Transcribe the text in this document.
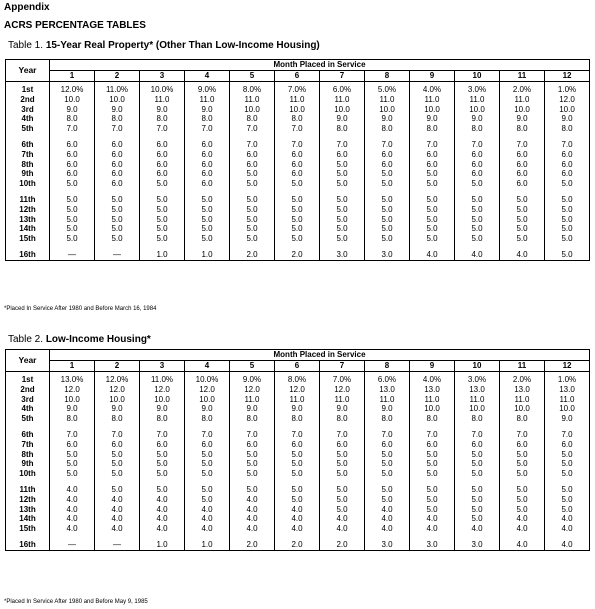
Appendix
ACRS PERCENTAGE TABLES
Table 1. 15-Year Real Property* (Other Than Low-Income Housing)
Year	Month Placed in Service											
	1	2	3	4	5	6	7	8	9	10	11	12

1st	12.0%	11.0%	10.0%	9.0%	8.0%	7.0%	6.0%	5.0%	4.0%	3.0%	2.0%	1.0%
2nd	10.0	10.0	11.0	11.0	11.0	11.0	11.0	11.0	11.0	11.0	11.0	12.0
3rd	9.0	9.0	9.0	9.0	10.0	10.0	10.0	10.0	10.0	10.0	10.0	10.0
4th	8.0	8.0	8.0	8.0	8.0	8.0	9.0	9.0	9.0	9.0	9.0	9.0
5th	7.0	7.0	7.0	7.0	7.0	7.0	8.0	8.0	8.0	8.0	8.0	8.0

6th	6.0	6.0	6.0	6.0	7.0	7.0	7.0	7.0	7.0	7.0	7.0	7.0
7th	6.0	6.0	6.0	6.0	6.0	6.0	6.0	6.0	6.0	6.0	6.0	6.0
8th	6.0	6.0	6.0	6.0	6.0	6.0	5.0	6.0	6.0	6.0	6.0	6.0
9th	6.0	6.0	6.0	6.0	5.0	6.0	5.0	5.0	5.0	6.0	6.0	6.0
10th	5.0	6.0	5.0	6.0	5.0	5.0	5.0	5.0	5.0	5.0	6.0	5.0

11th	5.0	5.0	5.0	5.0	5.0	5.0	5.0	5.0	5.0	5.0	5.0	5.0
12th	5.0	5.0	5.0	5.0	5.0	5.0	5.0	5.0	5.0	5.0	5.0	5.0
13th	5.0	5.0	5.0	5.0	5.0	5.0	5.0	5.0	5.0	5.0	5.0	5.0
14th	5.0	5.0	5.0	5.0	5.0	5.0	5.0	5.0	5.0	5.0	5.0	5.0
15th	5.0	5.0	5.0	5.0	5.0	5.0	5.0	5.0	5.0	5.0	5.0	5.0

16th	—	—	1.0	1.0	2.0	2.0	3.0	3.0	4.0	4.0	4.0	5.0
*Placed In Service After 1980 and Before March 16, 1984
Table 2. Low-Income Housing*
Year	Month Placed in Service											
	1	2	3	4	5	6	7	8	9	10	11	12

1st	13.0%	12.0%	11.0%	10.0%	9.0%	8.0%	7.0%	6.0%	4.0%	3.0%	2.0%	1.0%
2nd	12.0	12.0	12.0	12.0	12.0	12.0	12.0	13.0	13.0	13.0	13.0	13.0
3rd	10.0	10.0	10.0	10.0	11.0	11.0	11.0	11.0	11.0	11.0	11.0	11.0
4th	9.0	9.0	9.0	9.0	9.0	9.0	9.0	9.0	10.0	10.0	10.0	10.0
5th	8.0	8.0	8.0	8.0	8.0	8.0	8.0	8.0	8.0	8.0	8.0	9.0

6th	7.0	7.0	7.0	7.0	7.0	7.0	7.0	7.0	7.0	7.0	7.0	7.0
7th	6.0	6.0	6.0	6.0	6.0	6.0	6.0	6.0	6.0	6.0	6.0	6.0
8th	5.0	5.0	5.0	5.0	5.0	5.0	5.0	5.0	5.0	5.0	5.0	5.0
9th	5.0	5.0	5.0	5.0	5.0	5.0	5.0	5.0	5.0	5.0	5.0	5.0
10th	5.0	5.0	5.0	5.0	5.0	5.0	5.0	5.0	5.0	5.0	5.0	5.0

11th	4.0	5.0	5.0	5.0	5.0	5.0	5.0	5.0	5.0	5.0	5.0	5.0
12th	4.0	4.0	4.0	5.0	4.0	5.0	5.0	5.0	5.0	5.0	5.0	5.0
13th	4.0	4.0	4.0	4.0	4.0	4.0	5.0	4.0	5.0	5.0	5.0	5.0
14th	4.0	4.0	4.0	4.0	4.0	4.0	4.0	4.0	4.0	5.0	4.0	4.0
15th	4.0	4.0	4.0	4.0	4.0	4.0	4.0	4.0	4.0	4.0	4.0	4.0

16th	—	—	1.0	1.0	2.0	2.0	2.0	3.0	3.0	3.0	4.0	4.0
*Placed In Service After 1980 and Before May 9, 1985
